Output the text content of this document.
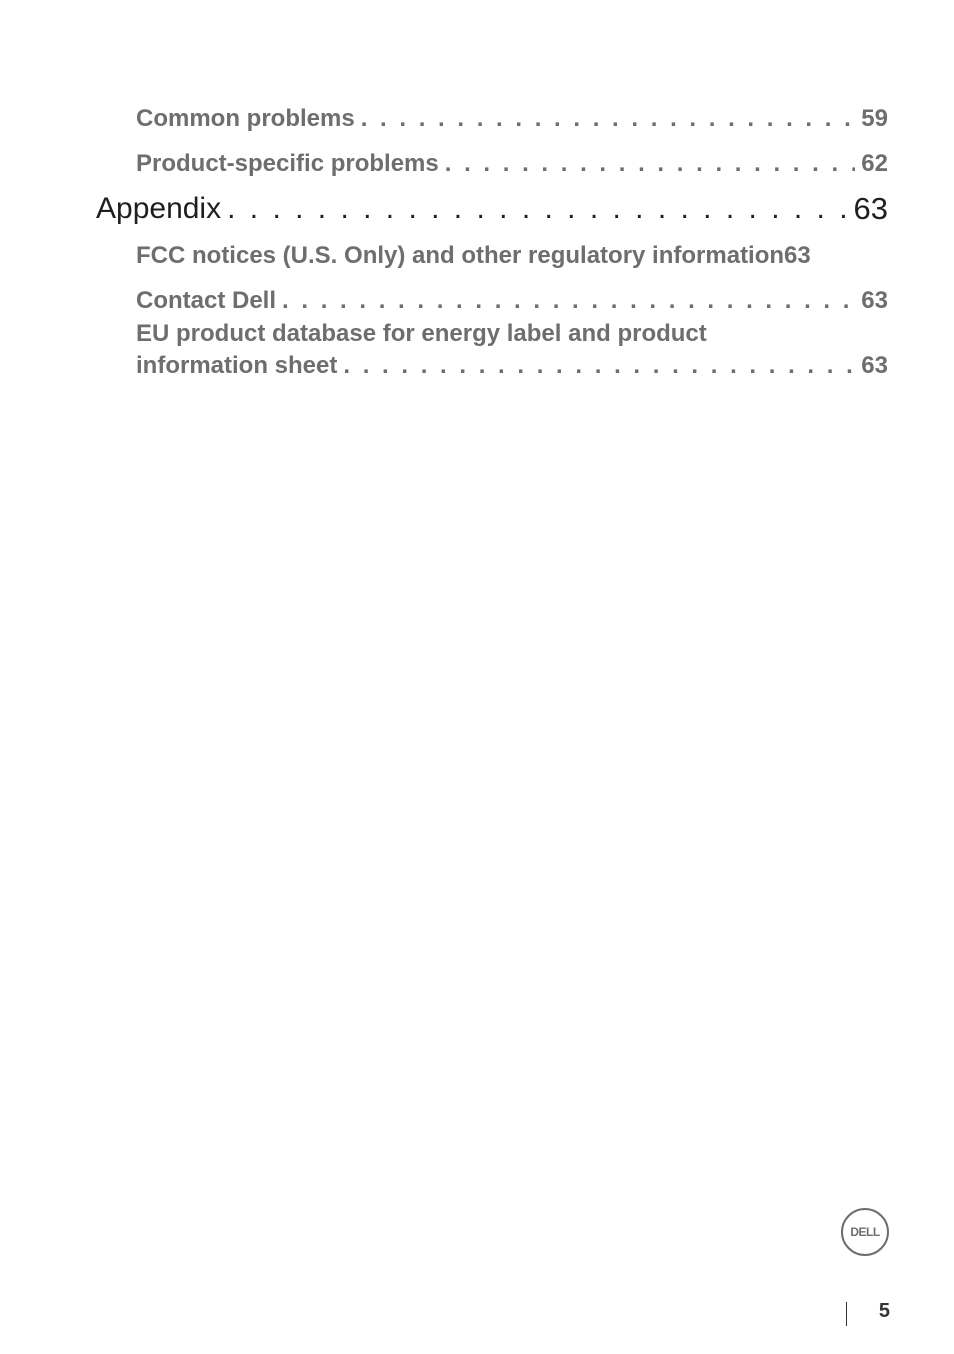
Common problems . . .	59
Product-specific problems . . .	62
Appendix . . .	63
FCC notices (U.S. Only) and other regulatory information 63
Contact Dell . . .	63
EU product database for energy label and product
information sheet . . .	63
DELL
5
